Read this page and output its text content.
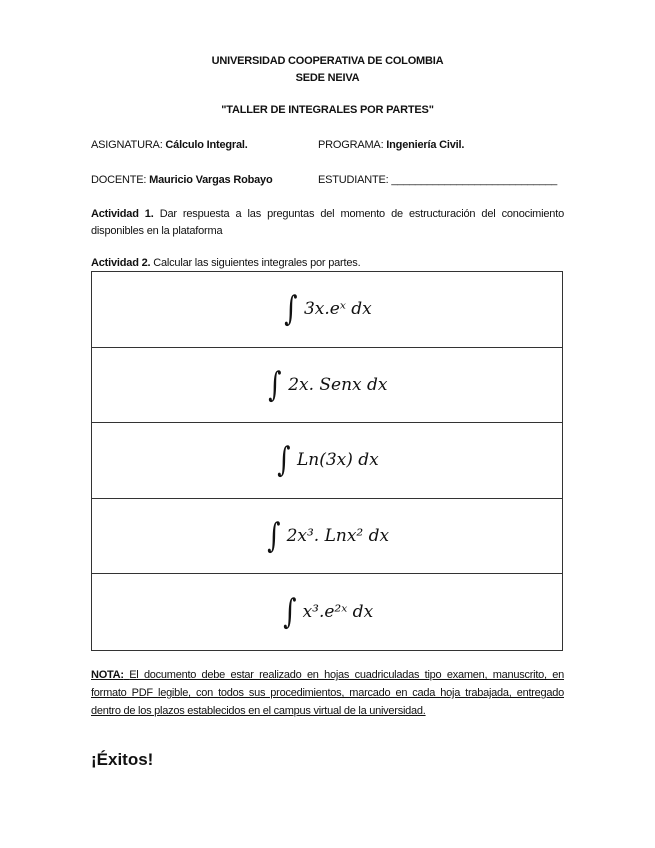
UNIVERSIDAD COOPERATIVA DE COLOMBIA
SEDE NEIVA
"TALLER DE INTEGRALES POR PARTES"
ASIGNATURA: Cálculo Integral.	PROGRAMA: Ingeniería Civil.
DOCENTE: Mauricio Vargas Robayo	ESTUDIANTE: ____________________________
Actividad 1. Dar respuesta a las preguntas del momento de estructuración del conocimiento disponibles en la plataforma
Actividad 2. Calcular las siguientes integrales por partes.
∫ 3x.eˣ dx
∫ 2x. Senx dx
∫ Ln(3x) dx
∫ 2x³. Lnx² dx
∫ x³.e²ˣ dx
NOTA: El documento debe estar realizado en hojas cuadriculadas tipo examen, manuscrito, en formato PDF legible, con todos sus procedimientos, marcado en cada hoja trabajada, entregado dentro de los plazos establecidos en el campus virtual de la universidad.
¡Éxitos!
